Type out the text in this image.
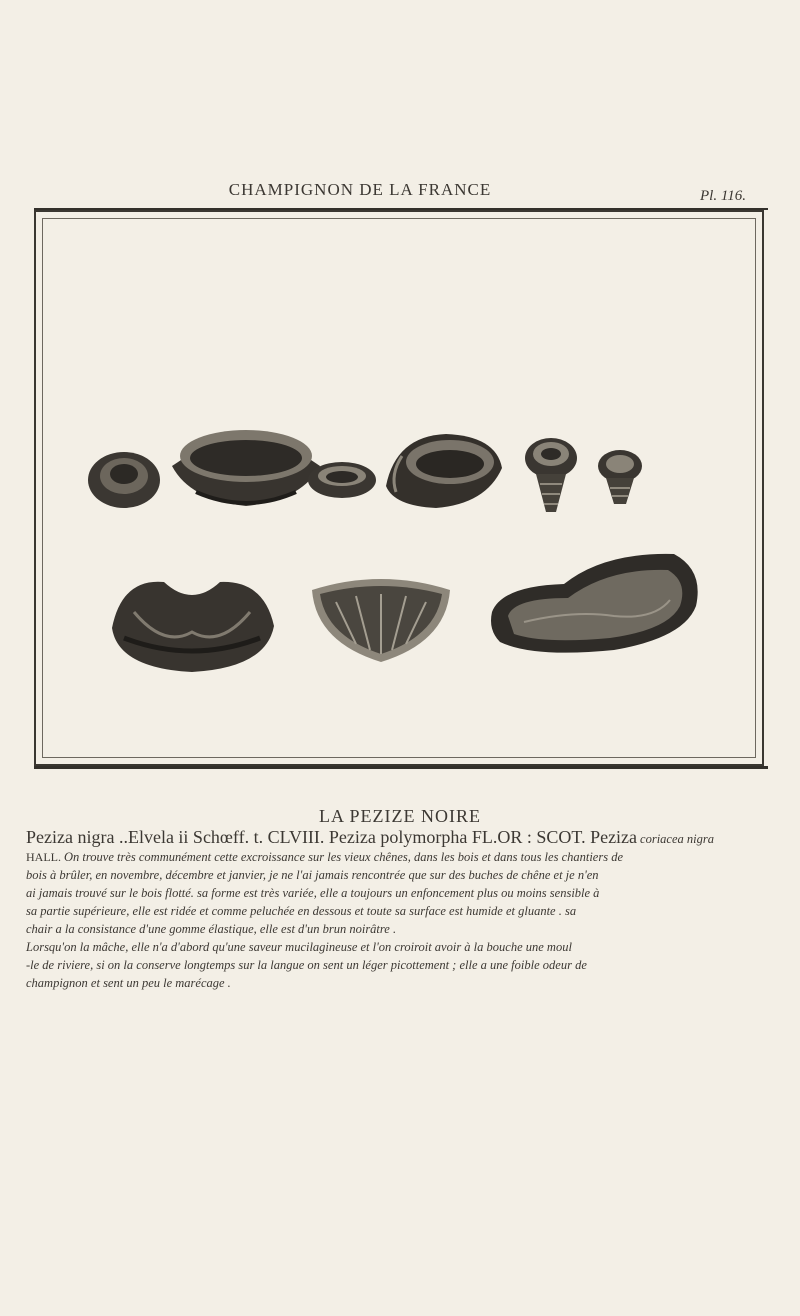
CHAMPIGNON DE LA FRANCE	Pl. 116.
LA PEZIZE NOIRE
Peziza nigra ..Elvela ii Schœff. t. CLVIII. Peziza polymorpha FL.OR : SCOT. Peziza coriacea nigra
HALL. On trouve très communément cette excroissance sur les vieux chênes, dans les bois et dans tous les chantiers de
bois à brûler, en novembre, décembre et janvier, je ne l'ai jamais rencontrée que sur des buches de chêne et je n'en
ai jamais trouvé sur le bois flotté. sa forme est très variée, elle a toujours un enfoncement plus ou moins sensible à
sa partie supérieure, elle est ridée et comme peluchée en dessous et toute sa surface est humide et gluante . sa
chair a la consistance d'une gomme élastique, elle est d'un brun noirâtre .
Lorsqu'on la mâche, elle n'a d'abord qu'une saveur mucilagineuse et l'on croiroit avoir à la bouche une moul
-le de riviere, si on la conserve longtemps sur la langue on sent un léger picottement ; elle a une foible odeur de
champignon et sent un peu le marécage .
